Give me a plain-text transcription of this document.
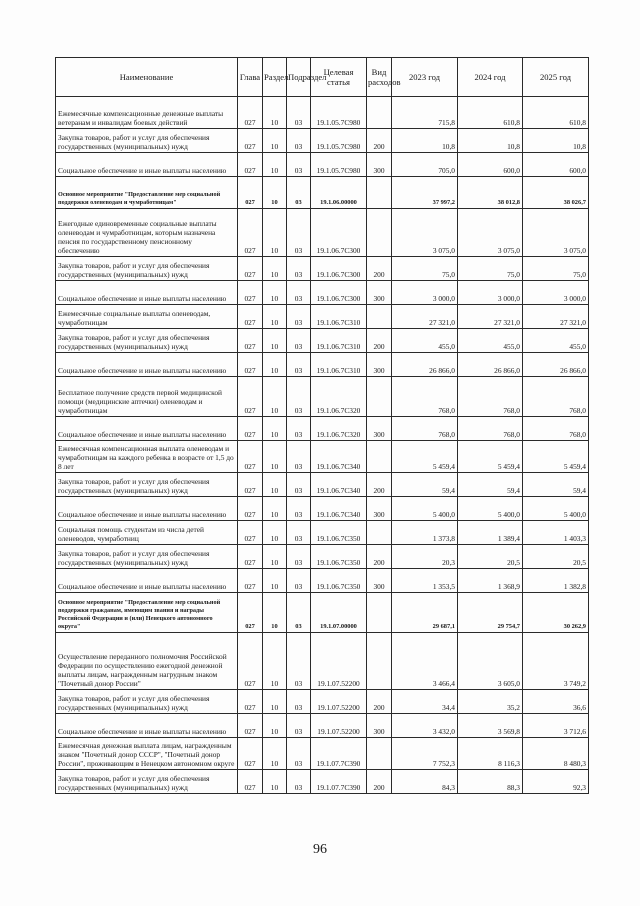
Наименование	Глава	Раздел	Подраздел	Целевая статья	Вид расходов	2023 год	2024 год	2025 год
Ежемесячные компенсационные денежные выплаты ветеранам и инвалидам боевых действий	027	10	03	19.1.05.7С980		715,8	610,8	610,8
Закупка товаров, работ и услуг для обеспечения государственных (муниципальных) нужд	027	10	03	19.1.05.7С980	200	10,8	10,8	10,8
Социальное обеспечение и иные выплаты населению	027	10	03	19.1.05.7С980	300	705,0	600,0	600,0
Основное мероприятие "Предоставление мер социальной поддержки оленеводам и чумработницам"	027	10	03	19.1.06.00000		37 997,2	38 012,8	38 026,7
Ежегодные единовременные социальные выплаты оленеводам и чумработницам, которым назначена пенсия по государственному пенсионному обеспечению	027	10	03	19.1.06.7С300		3 075,0	3 075,0	3 075,0
Закупка товаров, работ и услуг для обеспечения государственных (муниципальных) нужд	027	10	03	19.1.06.7С300	200	75,0	75,0	75,0
Социальное обеспечение и иные выплаты населению	027	10	03	19.1.06.7С300	300	3 000,0	3 000,0	3 000,0
Ежемесячные социальные выплаты оленеводам, чумработницам	027	10	03	19.1.06.7С310		27 321,0	27 321,0	27 321,0
Закупка товаров, работ и услуг для обеспечения государственных (муниципальных) нужд	027	10	03	19.1.06.7С310	200	455,0	455,0	455,0
Социальное обеспечение и иные выплаты населению	027	10	03	19.1.06.7С310	300	26 866,0	26 866,0	26 866,0
Бесплатное получение средств первой медицинской помощи (медицинские аптечки) оленеводам и чумработницам	027	10	03	19.1.06.7С320		768,0	768,0	768,0
Социальное обеспечение и иные выплаты населению	027	10	03	19.1.06.7С320	300	768,0	768,0	768,0
Ежемесячная компенсационная выплата оленеводам и чумработницам на каждого ребенка в возрасте от 1,5 до 8 лет	027	10	03	19.1.06.7С340		5 459,4	5 459,4	5 459,4
Закупка товаров, работ и услуг для обеспечения государственных (муниципальных) нужд	027	10	03	19.1.06.7С340	200	59,4	59,4	59,4
Социальное обеспечение и иные выплаты населению	027	10	03	19.1.06.7С340	300	5 400,0	5 400,0	5 400,0
Социальная помощь студентам из числа детей оленеводов, чумработниц	027	10	03	19.1.06.7С350		1 373,8	1 389,4	1 403,3
Закупка товаров, работ и услуг для обеспечения государственных (муниципальных) нужд	027	10	03	19.1.06.7С350	200	20,3	20,5	20,5
Социальное обеспечение и иные выплаты населению	027	10	03	19.1.06.7С350	300	1 353,5	1 368,9	1 382,8
Основное мероприятие "Предоставление мер социальной поддержки гражданам, имеющим звания и награды Российской Федерации и (или) Ненецкого автономного округа"	027	10	03	19.1.07.00000		29 687,1	29 754,7	30 262,9
Осуществление переданного полномочия Российской Федерации по осуществлению ежегодной денежной выплаты лицам, награжденным нагрудным знаком "Почетный донор России"	027	10	03	19.1.07.52200		3 466,4	3 605,0	3 749,2
Закупка товаров, работ и услуг для обеспечения государственных (муниципальных) нужд	027	10	03	19.1.07.52200	200	34,4	35,2	36,6
Социальное обеспечение и иные выплаты населению	027	10	03	19.1.07.52200	300	3 432,0	3 569,8	3 712,6
Ежемесячная денежная выплата лицам, награжденным знаком "Почетный донор СССР", "Почетный донор России", проживающим в Ненецком автономном округе	027	10	03	19.1.07.7С390		7 752,3	8 116,3	8 480,3
Закупка товаров, работ и услуг для обеспечения государственных (муниципальных) нужд	027	10	03	19.1.07.7С390	200	84,3	88,3	92,3
96
